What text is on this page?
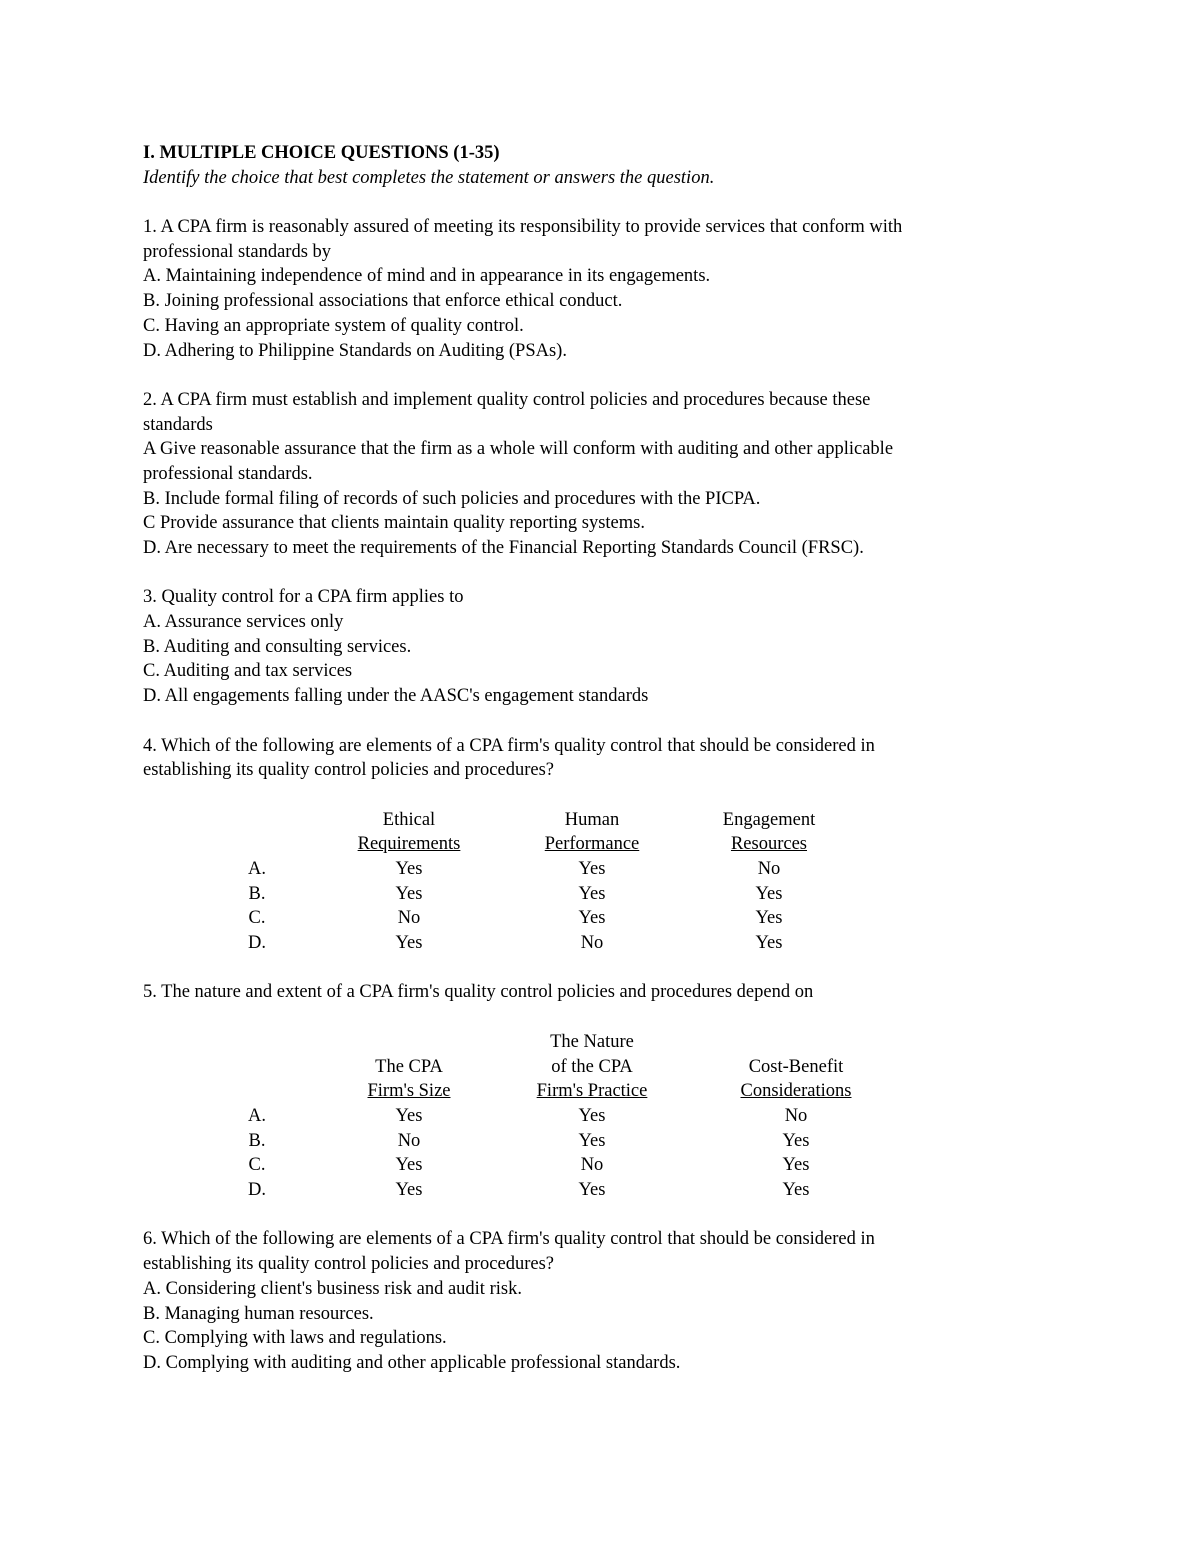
I. MULTIPLE CHOICE QUESTIONS (1-35)
Identify the choice that best completes the statement or answers the question.
1. A CPA firm is reasonably assured of meeting its responsibility to provide services that conform with
professional standards by
A. Maintaining independence of mind and in appearance in its engagements.
B. Joining professional associations that enforce ethical conduct.
C. Having an appropriate system of quality control.
D. Adhering to Philippine Standards on Auditing (PSAs).
2. A CPA firm must establish and implement quality control policies and procedures because these
standards
A Give reasonable assurance that the firm as a whole will conform with auditing and other applicable
professional standards.
B. Include formal filing of records of such policies and procedures with the PICPA.
C Provide assurance that clients maintain quality reporting systems.
D. Are necessary to meet the requirements of the Financial Reporting Standards Council (FRSC).
3. Quality control for a CPA firm applies to
A. Assurance services only
B. Auditing and consulting services.
C. Auditing and tax services
D. All engagements falling under the AASC's engagement standards
4. Which of the following are elements of a CPA firm's quality control that should be considered in
establishing its quality control policies and procedures?
	Ethical	Human	Engagement
	Requirements	Performance	Resources
A.	Yes	Yes	No
B.	Yes	Yes	Yes
C.	No	Yes	Yes
D.	Yes	No	Yes
5. The nature and extent of a CPA firm's quality control policies and procedures depend on
		The Nature	
	The CPA	of the CPA	Cost-Benefit
	Firm's Size	Firm's Practice	Considerations
A.	Yes	Yes	No
B.	No	Yes	Yes
C.	Yes	No	Yes
D.	Yes	Yes	Yes
6. Which of the following are elements of a CPA firm's quality control that should be considered in
establishing its quality control policies and procedures?
A. Considering client's business risk and audit risk.
B. Managing human resources.
C. Complying with laws and regulations.
D. Complying with auditing and other applicable professional standards.
